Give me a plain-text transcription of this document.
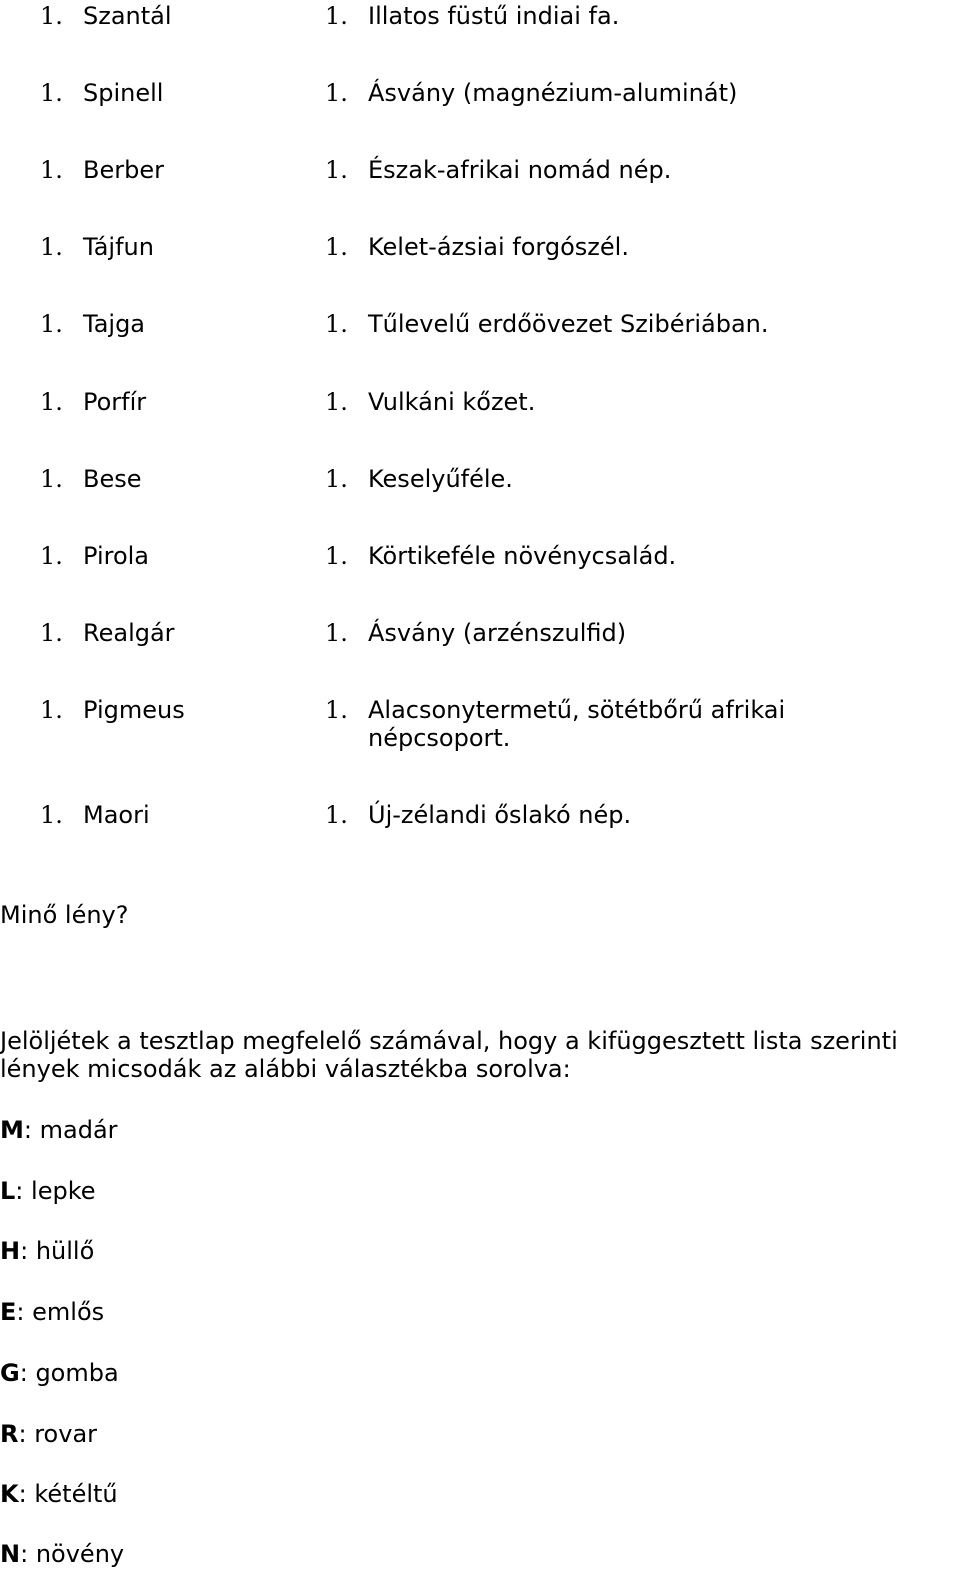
1. Szantál	1. Illatos füstű indiai fa.
1. Spinell	1. Ásvány (magnézium-aluminát)
1. Berber	1. Észak-afrikai nomád nép.
1. Tájfun	1. Kelet-ázsiai forgószél.
1. Tajga	1. Tűlevelű erdőövezet Szibériában.
1. Porfír	1. Vulkáni kőzet.
1. Bese	1. Keselyűféle.
1. Pirola	1. Körtikeféle növénycsalád.
1. Realgár	1. Ásvány (arzénszulfid)
1. Pigmeus	1. Alacsonytermetű, sötétbőrű afrikai népcsoport.
1. Maori	1. Új-zélandi őslakó nép.
Minő lény?
Jelöljétek a tesztlap megfelelő számával, hogy a kifüggesztett lista szerinti lények micsodák az alábbi választékba sorolva:
M: madár
L: lepke
H: hüllő
E: emlős
G: gomba
R: rovar
K: kétéltű
N: növény
